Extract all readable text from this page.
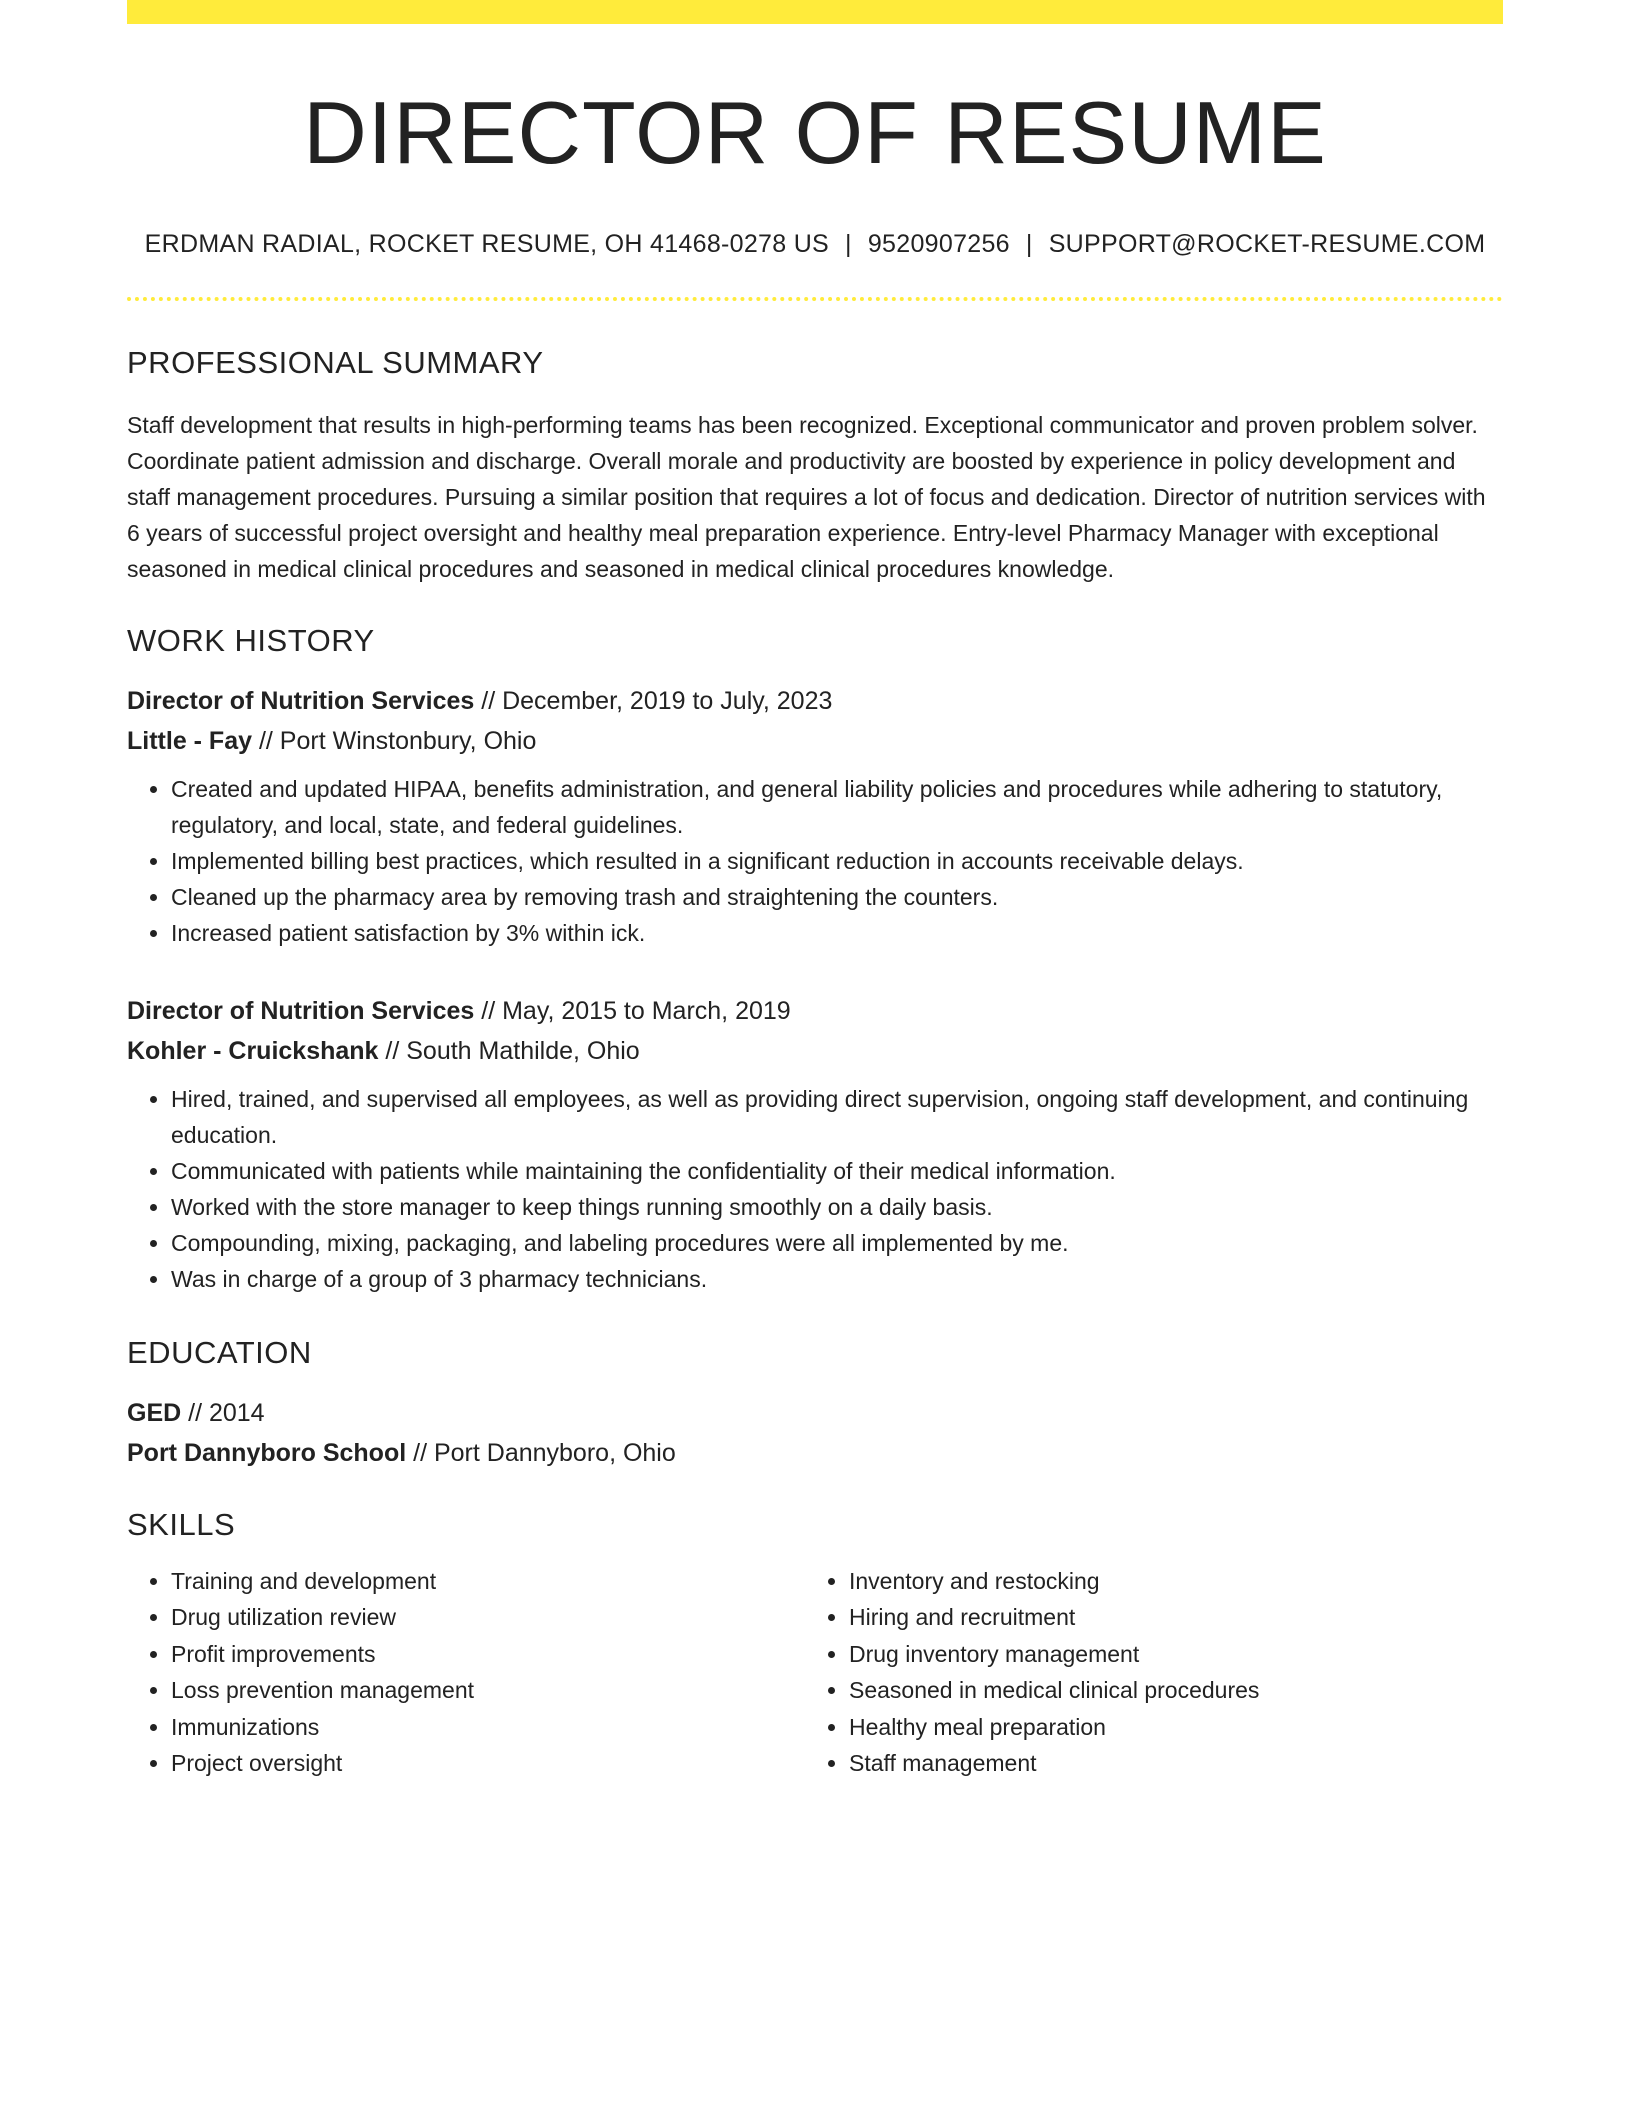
DIRECTOR OF RESUME
ERDMAN RADIAL, ROCKET RESUME, OH 41468-0278 US | 9520907256 | SUPPORT@ROCKET-RESUME.COM
PROFESSIONAL SUMMARY

Staff development that results in high-performing teams has been recognized. Exceptional communicator and proven problem solver. Coordinate patient admission and discharge. Overall morale and productivity are boosted by experience in policy development and staff management procedures. Pursuing a similar position that requires a lot of focus and dedication. Director of nutrition services with 6 years of successful project oversight and healthy meal preparation experience. Entry-level Pharmacy Manager with exceptional seasoned in medical clinical procedures and seasoned in medical clinical procedures knowledge.

WORK HISTORY
Director of Nutrition Services // December, 2019 to July, 2023
Little - Fay // Port Winstonbury, Ohio
• Created and updated HIPAA, benefits administration, and general liability policies and procedures while adhering to statutory, regulatory, and local, state, and federal guidelines.
• Implemented billing best practices, which resulted in a significant reduction in accounts receivable delays.
• Cleaned up the pharmacy area by removing trash and straightening the counters.
• Increased patient satisfaction by 3% within ick.
Director of Nutrition Services // May, 2015 to March, 2019
Kohler - Cruickshank // South Mathilde, Ohio
• Hired, trained, and supervised all employees, as well as providing direct supervision, ongoing staff development, and continuing education.
• Communicated with patients while maintaining the confidentiality of their medical information.
• Worked with the store manager to keep things running smoothly on a daily basis.
• Compounding, mixing, packaging, and labeling procedures were all implemented by me.
• Was in charge of a group of 3 pharmacy technicians.
EDUCATION
GED // 2014
Port Dannyboro School // Port Dannyboro, Ohio
SKILLS
• Training and development
• Drug utilization review
• Profit improvements
• Loss prevention management
• Immunizations
• Project oversight
• Inventory and restocking
• Hiring and recruitment
• Drug inventory management
• Seasoned in medical clinical procedures
• Healthy meal preparation
• Staff management
